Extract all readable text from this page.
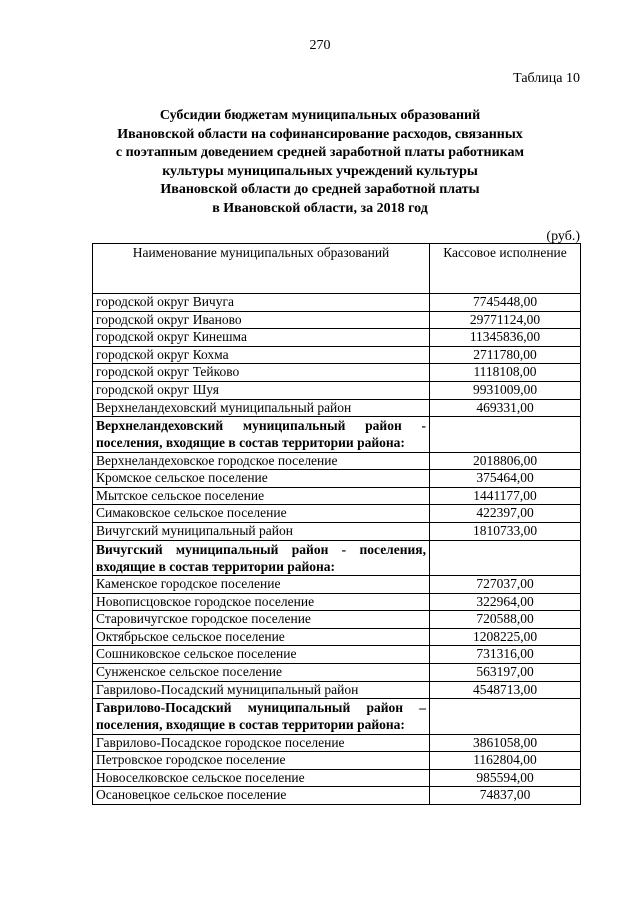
270
Таблица 10
Субсидии бюджетам муниципальных образований
Ивановской области на софинансирование расходов, связанных
с поэтапным доведением средней заработной платы работникам
культуры муниципальных учреждений культуры
Ивановской области до средней заработной платы
в Ивановской области, за 2018 год
(руб.)
Наименование муниципальных образований	Кассовое исполнение
городской округ Вичуга	7745448,00
городской округ Иваново	29771124,00
городской округ Кинешма	11345836,00
городской округ Кохма	2711780,00
городской округ Тейково	1118108,00
городской округ Шуя	9931009,00
Верхнеландеховский муниципальный район	469331,00
Верхнеландеховский муниципальный район - поселения, входящие в состав территории района:	
Верхнеландеховское городское поселение	2018806,00
Кромское сельское поселение	375464,00
Мытское сельское поселение	1441177,00
Симаковское сельское поселение	422397,00
Вичугский муниципальный район	1810733,00
Вичугский муниципальный район - поселения, входящие в состав территории района:	
Каменское городское поселение	727037,00
Новописцовское городское поселение	322964,00
Старовичугское городское поселение	720588,00
Октябрьское сельское поселение	1208225,00
Сошниковское сельское поселение	731316,00
Сунженское сельское поселение	563197,00
Гаврилово-Посадский муниципальный район	4548713,00
Гаврилово-Посадский муниципальный район – поселения, входящие в состав территории района:	
Гаврилово-Посадское городское поселение	3861058,00
Петровское городское поселение	1162804,00
Новоселковское сельское поселение	985594,00
Осановецкое сельское поселение	74837,00
